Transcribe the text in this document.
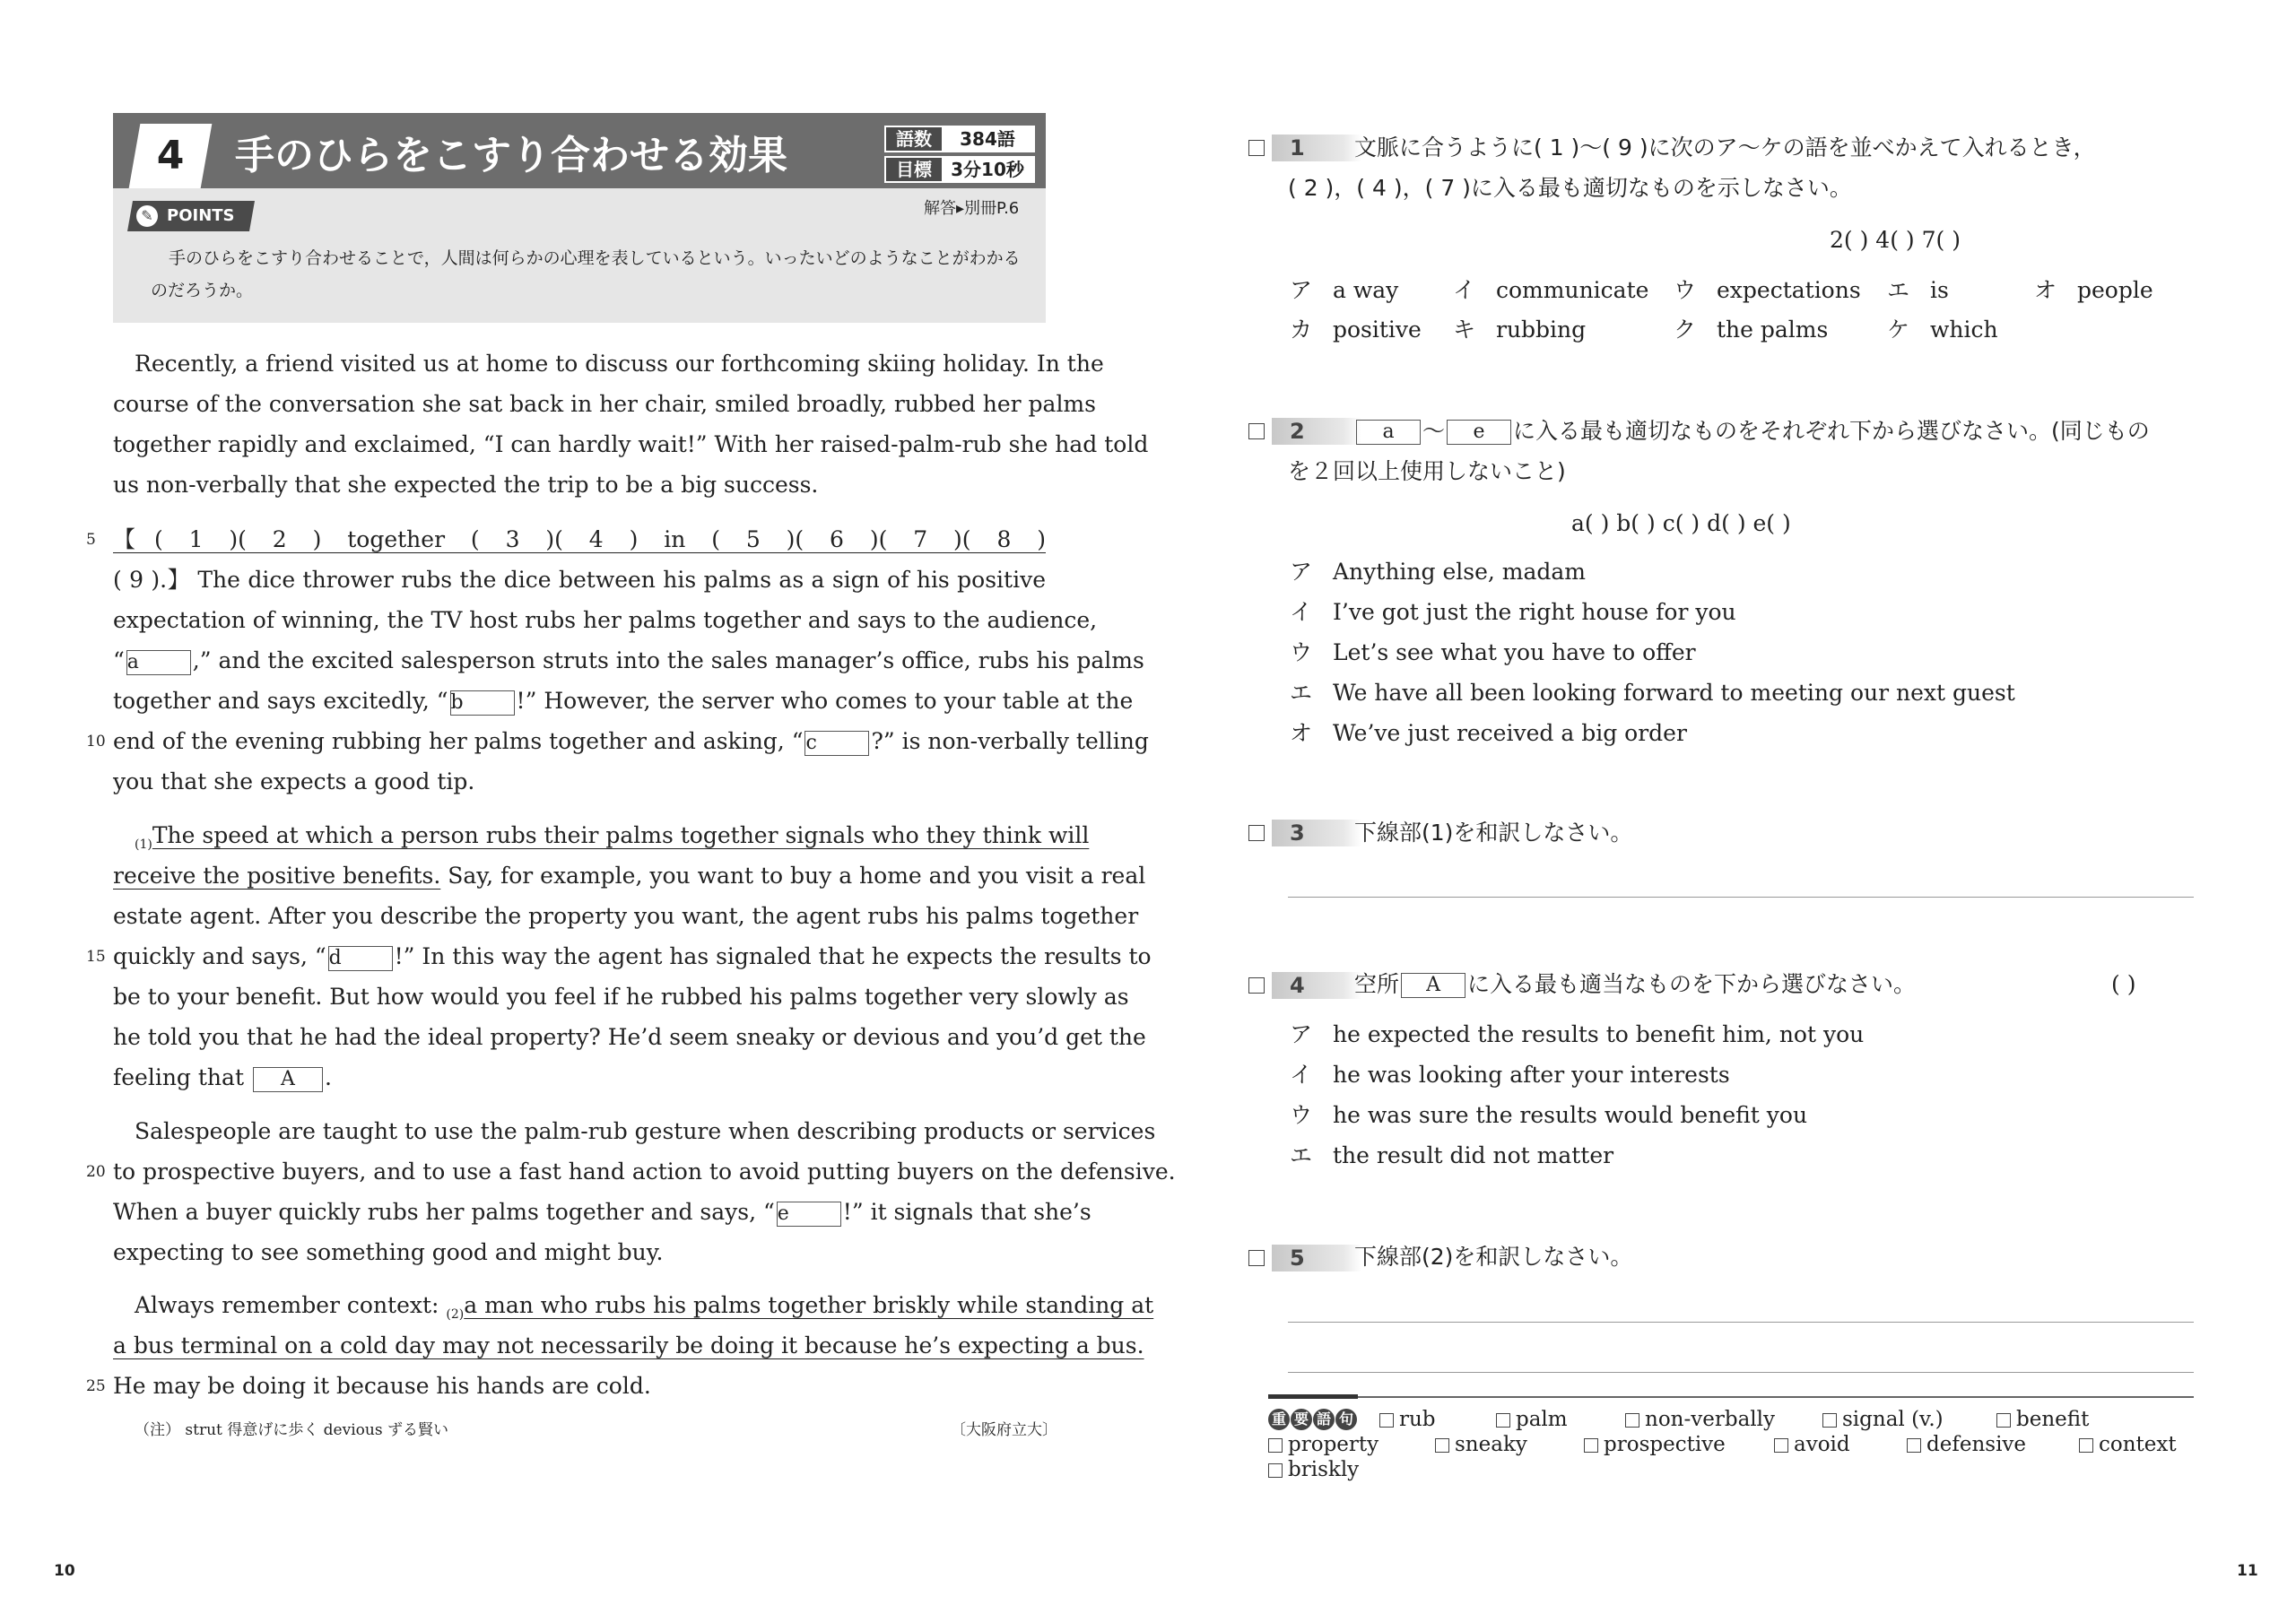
4	手のひらをこすり合わせる効果	語数	384語
目標	3分10秒
✎ POINTS	解答▸別冊P.6
手のひらをこすり合わせることで，人間は何らかの心理を表しているという。いったいどのようなことがわかるのだろうか。
Recently, a friend visited us at home to discuss our forthcoming skiing holiday. In the
course of the conversation she sat back in her chair, smiled broadly, rubbed her palms
together rapidly and exclaimed, “I can hardly wait!” With her raised-palm-rub she had told
us non-verbally that she expected the trip to be a big success.
5 【( 1 )( 2 ) together ( 3 )( 4 ) in ( 5 )( 6 )( 7 )( 8 )
( 9 ).】 The dice thrower rubs the dice between his palms as a sign of his positive
expectation of winning, the TV host rubs her palms together and says to the audience,
“ a ,” and the excited salesperson struts into the sales manager’s office, rubs his palms
together and says excitedly, “ b !” However, the server who comes to your table at the
10 end of the evening rubbing her palms together and asking, “ c ?” is non-verbally telling
you that she expects a good tip.
$_{(1)}$The speed at which a person rubs their palms together signals who they think will
receive the positive benefits. Say, for example, you want to buy a home and you visit a real
estate agent. After you describe the property you want, the agent rubs his palms together
15 quickly and says, “ d !” In this way the agent has signaled that he expects the results to
be to your benefit. But how would you feel if he rubbed his palms together very slowly as
he told you that he had the ideal property? He’d seem sneaky or devious and you’d get the
feeling that A .
Salespeople are taught to use the palm-rub gesture when describing products or services
20 to prospective buyers, and to use a fast hand action to avoid putting buyers on the defensive.
When a buyer quickly rubs her palms together and says, “ e !” it signals that she’s
expecting to see something good and might buy.
Always remember context: $_{(2)}$a man who rubs his palms together briskly while standing at
a bus terminal on a cold day may not necessarily be doing it because he’s expecting a bus.
25 He may be doing it because his hands are cold.
（注） strut 得意げに歩く devious ずる賢い	〔大阪府立大〕
10
1	文脈に合うように( 1 )～( 9 )に次のア～ケの語を並べかえて入れるとき，
( 2 )，( 4 )，( 7 )に入る最も適切なものを示しなさい。
2( ) 4( ) 7( )
ア a way イ communicate ウ expectations エ is	オ people
カ positive キ rubbing	ク the palms	ケ which
2	a ～ e に入る最も適切なものをそれぞれ下から選びなさい。(同じもの
を２回以上使用しないこと)
a( ) b( ) c( ) d( ) e( )
ア Anything else, madam
イ I’ve got just the right house for you
ウ Let’s see what you have to offer
エ We have all been looking forward to meeting our next guest
オ We’ve just received a big order
3	下線部(1)を和訳しなさい。
4	空所 A に入る最も適当なものを下から選びなさい。	( )
ア he expected the results to benefit him, not you
イ he was looking after your interests
ウ he was sure the results would benefit you
エ the result did not matter
5	下線部(2)を和訳しなさい。
重 要 語 句	rub	palm	non-verbally	signal (v.)	benefit
property	sneaky	prospective	avoid	defensive	context
briskly
11
